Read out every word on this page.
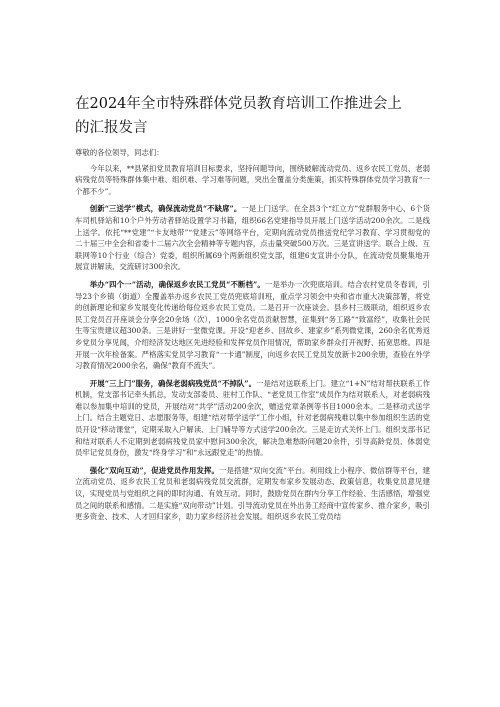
在2024年全市特殊群体党员教育培训工作推进会上
的汇报发言

尊敬的各位领导，同志们：

今年以来，**县紧扣党员教育培训目标要求，坚持问题导向，围绕破解流动党员、返乡农民工党员、老弱病残党员等特殊群体集中难、组织难、学习难等问题，突出全覆盖分类施策，抓实特殊群体党员学习教育“一个都不少”。

创新“三送学”模式，确保流动党员“不缺席”。一是上门送学。在全县3个“红立方”党群服务中心、6个货车司机驿站和10个户外劳动者驿站设置学习书籍，组织66名党建指导员开展上门送学活动200余次。二是线上送学。依托“**党建”“卡友地带”“党建云”等网络平台，定期向流动党员推送党纪学习教育、学习贯彻党的二十届三中全会和省委十二届六次全会精神等专题内容，点击量突破500万次。三是宣讲送学。联合上级、互联网等10个行业（综合）党委，组织所属69个两新组织党支部，组建6支宣讲小分队，在流动党员聚集地开展宣讲解读、交流研讨300余次。

举办“四个一”活动，确保返乡农民工党员“不断档”。一是举办一次兜底培训。结合农村党员冬春训，引导23个乡镇（街道）全覆盖举办返乡农民工党员兜底培训班，重点学习领会中央和省市重大决策部署，将党的创新理论和家乡发展变化传递给每位返乡农民工党员。二是召开一次座谈会。县乡村三级联动，组织返乡农民工党员召开座谈会分享会20余场（次），1000余名党员贡献智慧，征集到“务工路”“致富经”，收集社会民生等宝贵建议超300条。三是讲好一堂微党课。开设“迎老乡、回故乡、建家乡”系列微党课，260余名优秀返乡党员分享见闻，介绍经济发达地区先进经验和发挥党员作用情况，帮助家乡群众打开视野、拓宽思维。四是开展一次年检备案。严格落实党员学习教育“一卡通”制度，向返乡农民工党员发放新卡200余册，查验在外学习教育情况2000余名，确保“教育不流失”。

开展“三上门”服务，确保老弱病残党员“不掉队”。一是结对送联系上门。建立“1+N”结对帮扶联系工作机制，党支部书记牵头抓总，发动支部委员、驻村工作队、“老党员工作室”成员作为结对联系人，对老弱病残难以参加集中培训的党员，开展结对“共学”活动200余次，赠送党章条例等书目1000余本。二是移动式送学上门。结合主题党日、志愿服务等，组建“结对帮学送学”工作小组，针对老弱病残难以集中参加组织生活的党员开设“移动课堂”，定期采取入户解读、上门辅导等方式送学200余次。三是走访式关怀上门。组织支部书记和结对联系人不定期到老弱病残党员家中慰问300余次，解决急难愁盼问题20余件，引导高龄党员、体弱党员牢记党员身份，激发“终身学习”和“永远跟党走”的热情。

强化“双向互动”，促进党员作用发挥。一是搭建“双向交流”平台。利用线上小程序、微信群等平台，建立流动党员、返乡农民工党员和老弱病残党员交流群，定期发布家乡发展动态、政策信息，收集党员意见建议，实现党员与党组织之间的即时沟通、有效互动。同时，鼓励党员在群内分享工作经验、生活感悟，增强党员之间的联系和感情。二是实施“双向带动”计划。引导流动党员在外出务工经商中宣传家乡、推介家乡，吸引更多资金、技术、人才回归家乡，助力家乡经济社会发展。组织返乡农民工党员结
